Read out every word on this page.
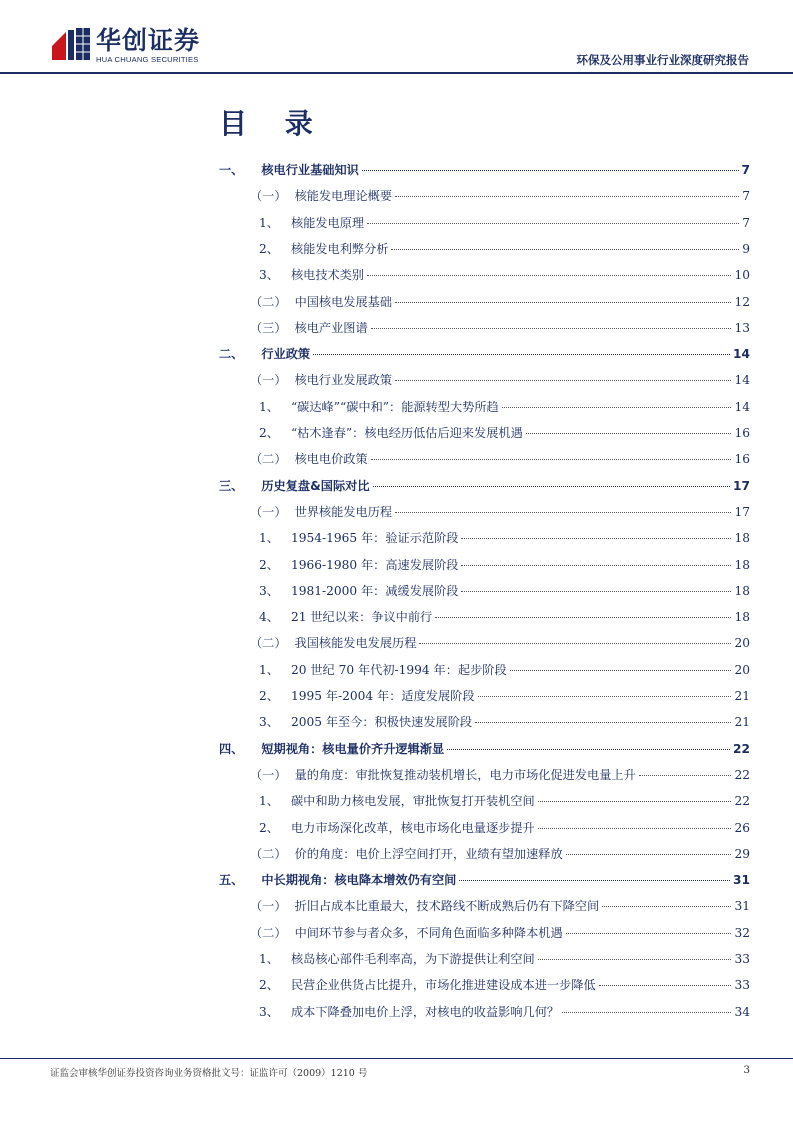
华创证券
HUA CHUANG SECURITIES	环保及公用事业行业深度研究报告
目 录
一、	核电行业基础知识	7
（一） 核能发电理论概要	7
1、 核能发电原理	7
2、 核能发电利弊分析	9
3、 核电技术类别	10
（二） 中国核电发展基础	12
（三） 核电产业图谱	13
二、	行业政策	14
（一） 核电行业发展政策	14
1、 “碳达峰”“碳中和”：能源转型大势所趋	14
2、 “枯木逢春”：核电经历低估后迎来发展机遇	16
（二） 核电电价政策	16
三、	历史复盘&国际对比	17
（一） 世界核能发电历程	17
1、 1954-1965 年：验证示范阶段	18
2、 1966-1980 年：高速发展阶段	18
3、 1981-2000 年：减缓发展阶段	18
4、 21 世纪以来：争议中前行	18
（二） 我国核能发电发展历程	20
1、 20 世纪 70 年代初-1994 年：起步阶段	20
2、 1995 年-2004 年：适度发展阶段	21
3、 2005 年至今：积极快速发展阶段	21
四、	短期视角：核电量价齐升逻辑渐显	22
（一） 量的角度：审批恢复推动装机增长，电力市场化促进发电量上升	22
1、 碳中和助力核电发展，审批恢复打开装机空间	22
2、 电力市场深化改革，核电市场化电量逐步提升	26
（二） 价的角度：电价上浮空间打开，业绩有望加速释放	29
五、	中长期视角：核电降本增效仍有空间	31
（一） 折旧占成本比重最大，技术路线不断成熟后仍有下降空间	31
（二） 中间环节参与者众多，不同角色面临多种降本机遇	32
1、 核岛核心部件毛利率高，为下游提供让利空间	33
2、 民营企业供货占比提升，市场化推进建设成本进一步降低	33
3、 成本下降叠加电价上浮，对核电的收益影响几何？	34
证监会审核华创证券投资咨询业务资格批文号：证监许可（2009）1210 号	3
